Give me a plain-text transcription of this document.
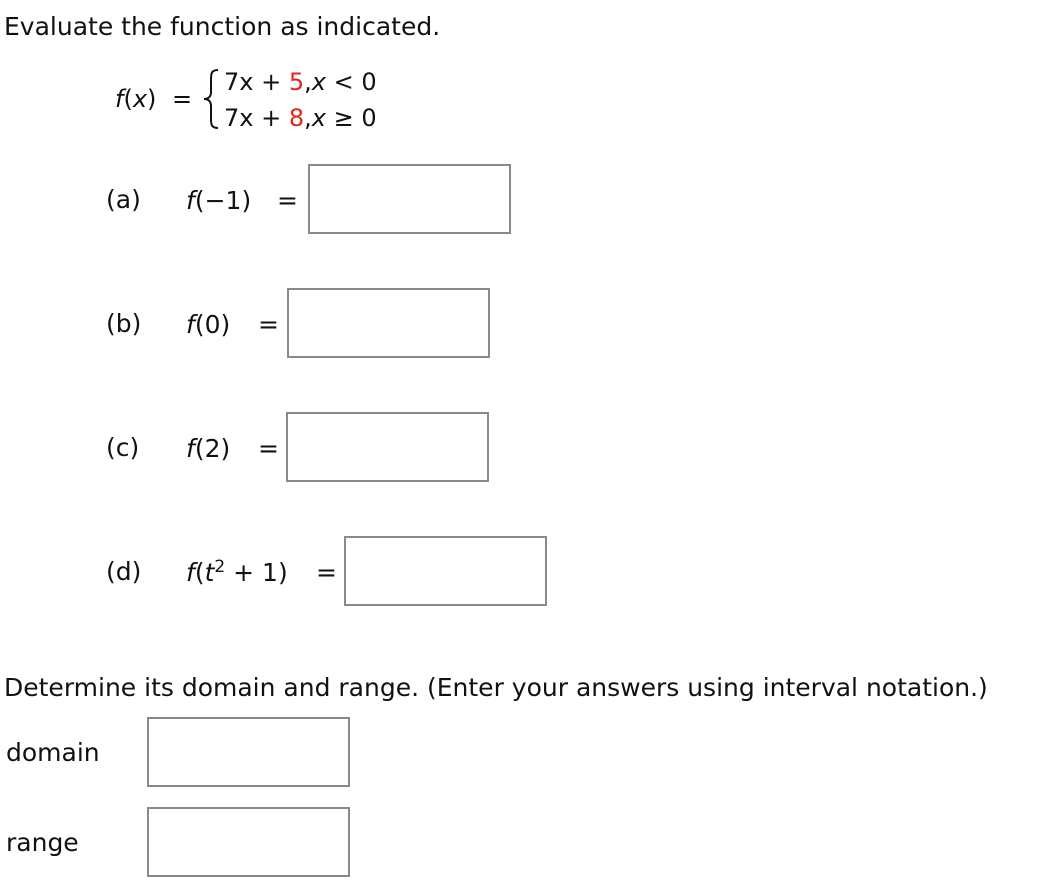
Evaluate the function as indicated.
f(x) =
7x + 5,x < 0
7x + 8,x ≥ 0
(a) f(−1) =
(b) f(0) =
(c) f(2) =
(d) $f(t^2 + 1)$ =
Determine its domain and range. (Enter your answers using interval notation.)
domain
range
